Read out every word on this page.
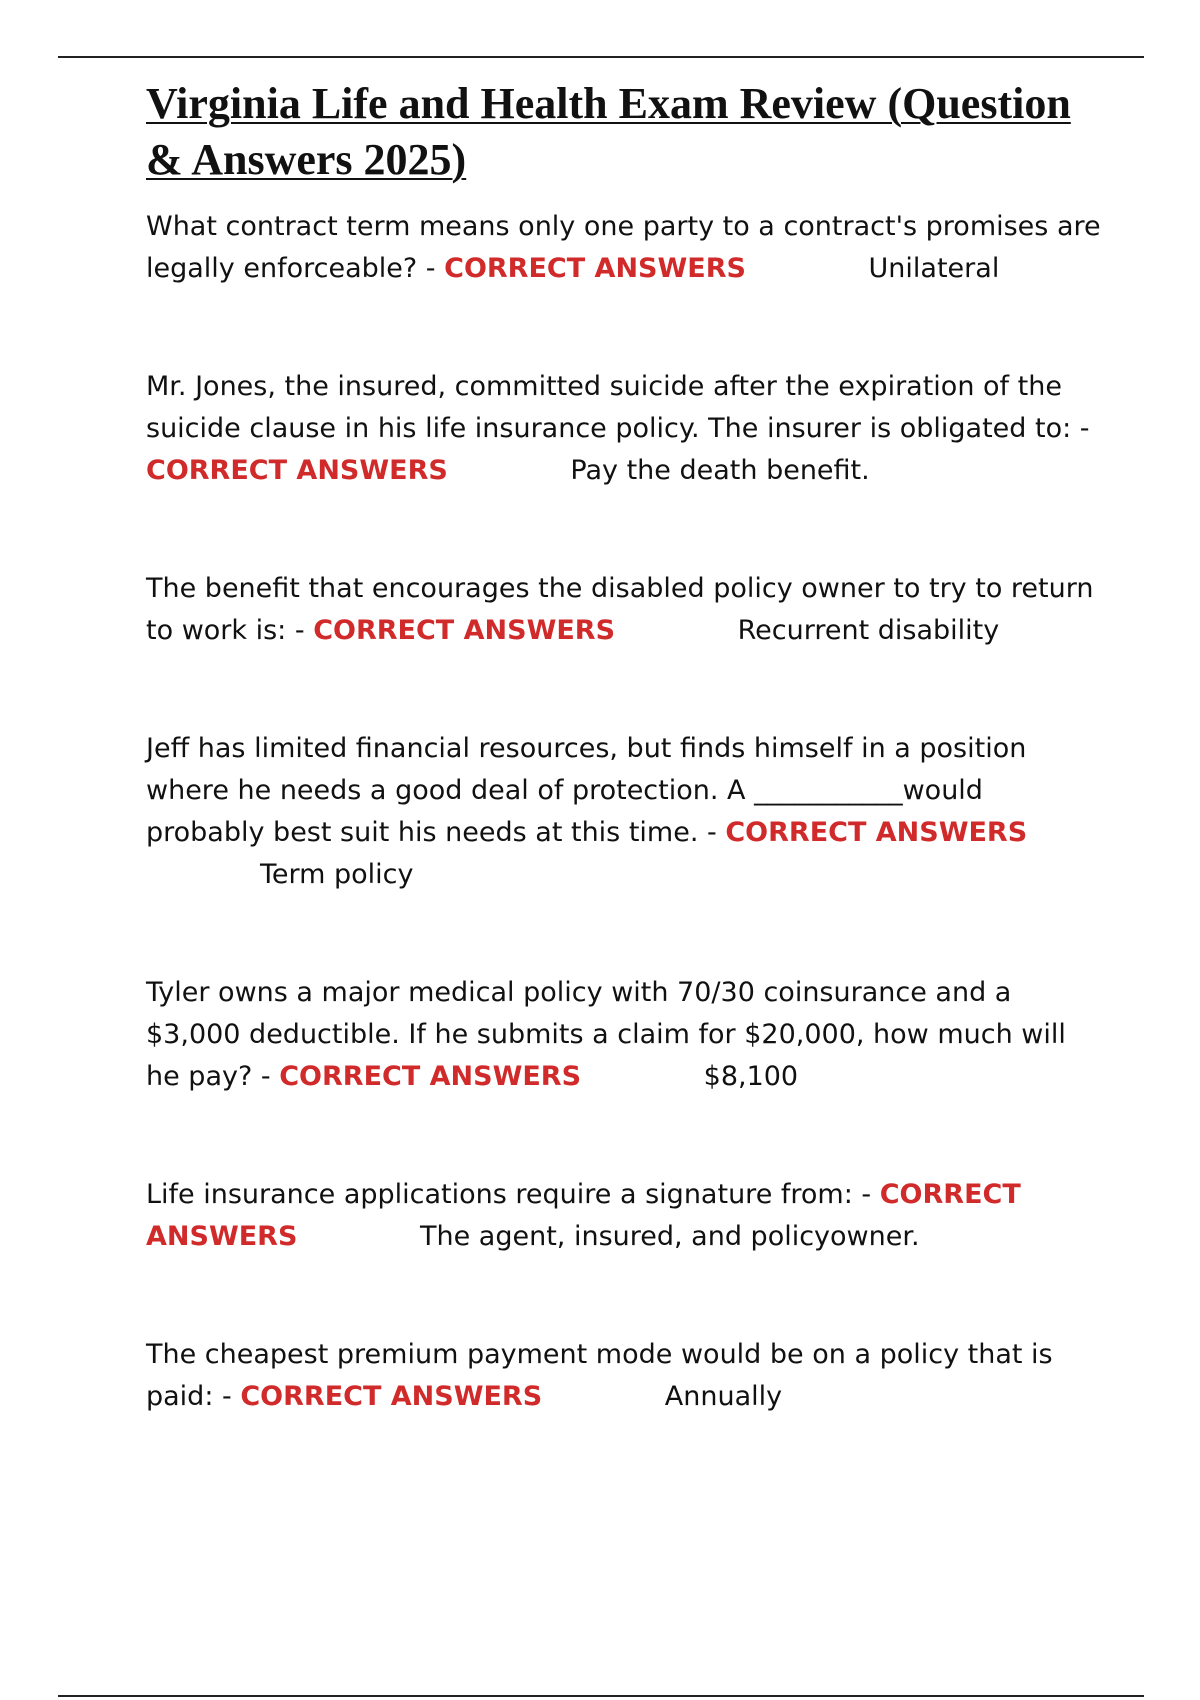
Virginia Life and Health Exam Review (Question & Answers 2025)

What contract term means only one party to a contract's promises are legally enforceable? - CORRECT ANSWERS	Unilateral

Mr. Jones, the insured, committed suicide after the expiration of the suicide clause in his life insurance policy. The insurer is obligated to: - CORRECT ANSWERS	Pay the death benefit.

The benefit that encourages the disabled policy owner to try to return to work is: - CORRECT ANSWERS	Recurrent disability

Jeff has limited financial resources, but finds himself in a position where he needs a good deal of protection. A ___________would probably best suit his needs at this time. - CORRECT ANSWERS Term policy

Tyler owns a major medical policy with 70/30 coinsurance and a $3,000 deductible. If he submits a claim for $20,000, how much will he pay? - CORRECT ANSWERS	$8,100

Life insurance applications require a signature from: - CORRECT ANSWERS	The agent, insured, and policyowner.

The cheapest premium payment mode would be on a policy that is paid: - CORRECT ANSWERS	Annually
